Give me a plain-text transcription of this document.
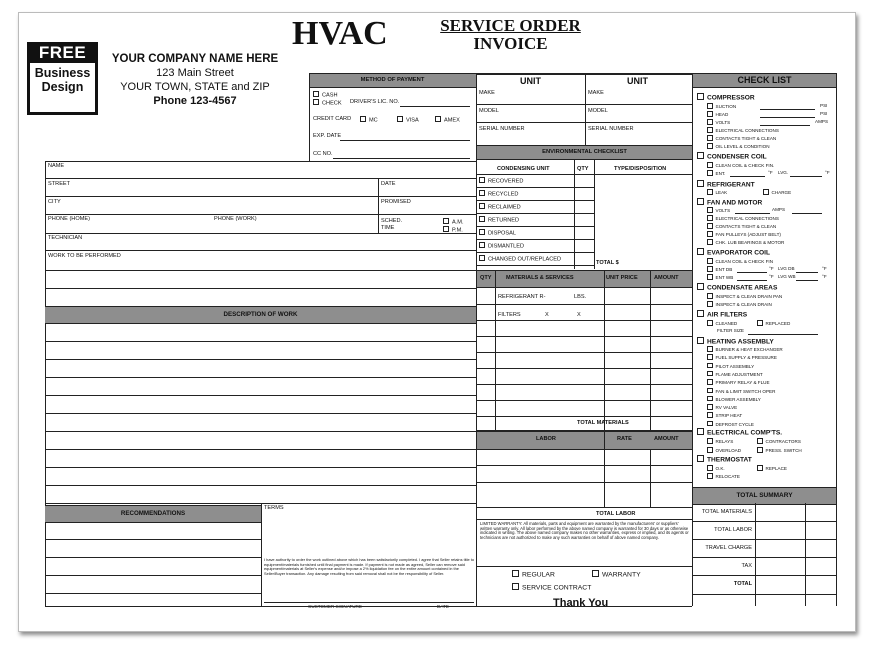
FREE
Business
Design
YOUR COMPANY NAME HERE
123 Main Street
YOUR TOWN, STATE and ZIP
Phone 123-4567
HVAC	SERVICE ORDER
INVOICE
METHOD OF PAYMENT
CASH
CHECK DRIVER'S LIC. NO.
CREDIT CARD	MC	VISA	AMEX
EXP. DATE
CC NO.
UNIT	UNIT
MAKE	MAKE
MODEL	MODEL
SERIAL NUMBER	SERIAL NUMBER
ENVIRONMENTAL CHECKLIST
CONDENSING UNIT	QTY	TYPE/DISPOSITION
RECOVERED
RECYCLED
RECLAIMED
RETURNED
DISPOSAL
DISMANTLED
CHANGED OUT/REPLACED
TOTAL $
NAME
STREET	DATE
CITY	PROMISED
PHONE (HOME)	PHONE (WORK)	SCHED.
TIME
A.M.
P.M.
TECHNICIAN
WORK TO BE PERFORMED
DESCRIPTION OF WORK
QTY	MATERIALS & SERVICES	UNIT PRICE	AMOUNT
REFRIGERANT R-	LBS.
FILTERS	X	X
TOTAL MATERIALS
LABOR	RATE	AMOUNT
TOTAL LABOR
RECOMMENDATIONS
TERMS
I have authority to order the work outlined above which has been satisfactorily completed. I agree that Seller retains title to equipment/materials furnished until final payment is made. If payment is not made as agreed, Seller can remove said equipment/materials at Seller's expense and/or impose a 2% liquidation fee on the entire amount contained in the Seller/Buyer transaction. Any damage resulting from said removal shall not be the responsibility of Seller.
CUSTOMER SIGNATURE	DATE
LIMITED WARRANTY: All materials, parts and equipment are warranted by the manufacturers' or suppliers' written warranty only. All labor performed by the above named company is warranted for 30 days or as otherwise indicated in writing. The above named company makes no other warranties, express or implied, and its agents or technicians are not authorized to make any such warranties on behalf of above named company.
REGULAR	WARRANTY
SERVICE CONTRACT
Thank You
CHECK LIST
COMPRESSOR
SUCTION	PSI
HEAD	PSI
VOLTS	AMPS
ELECTRICAL CONNECTIONS
CONTACTS TIGHT & CLEAN
OIL LEVEL & CONDITION
CONDENSER COIL
CLEAN COIL & CHECK FIN.
ENT.	°F LVG.	°F
REFRIGERANT
LEAK	CHARGE
FAN AND MOTOR
VOLTS	AMPS
ELECTRICAL CONNECTIONS
CONTACTS TIGHT & CLEAN
FAN PULLEYS (ADJUST BELT)
CHK. LUB BEARINGS & MOTOR
EVAPORATOR COIL
CLEAN COIL & CHECK FIN
ENT DB	°F LVG DB	°F
ENT WB	°F LVG WB	°F
CONDENSATE AREAS
INSPECT & CLEAN DRAIN PAN
INSPECT & CLEAN DRAIN
AIR FILTERS
CLEANED	REPLACED
FILTER SIZE
HEATING ASSEMBLY
BURNER & HEAT EXCHANGER
FUEL SUPPLY & PRESSURE
PILOT ASSEMBLY
FLAME ADJUSTMENT
PRIMARY RELAY & FLUE
FAN & LIMIT SWITCH OPER
BLOWER ASSEMBLY
RV VALVE
STRIP HEAT
DEFROST CYCLE
ELECTRICAL COMP'TS.
RELAYS	CONTRACTORS
OVERLOAD	PRESS. SWITCH
THERMOSTAT
O.K.	REPLACE
RELOCATE
TOTAL SUMMARY
TOTAL MATERIALS
TOTAL LABOR
TRAVEL CHARGE
TAX
TOTAL
